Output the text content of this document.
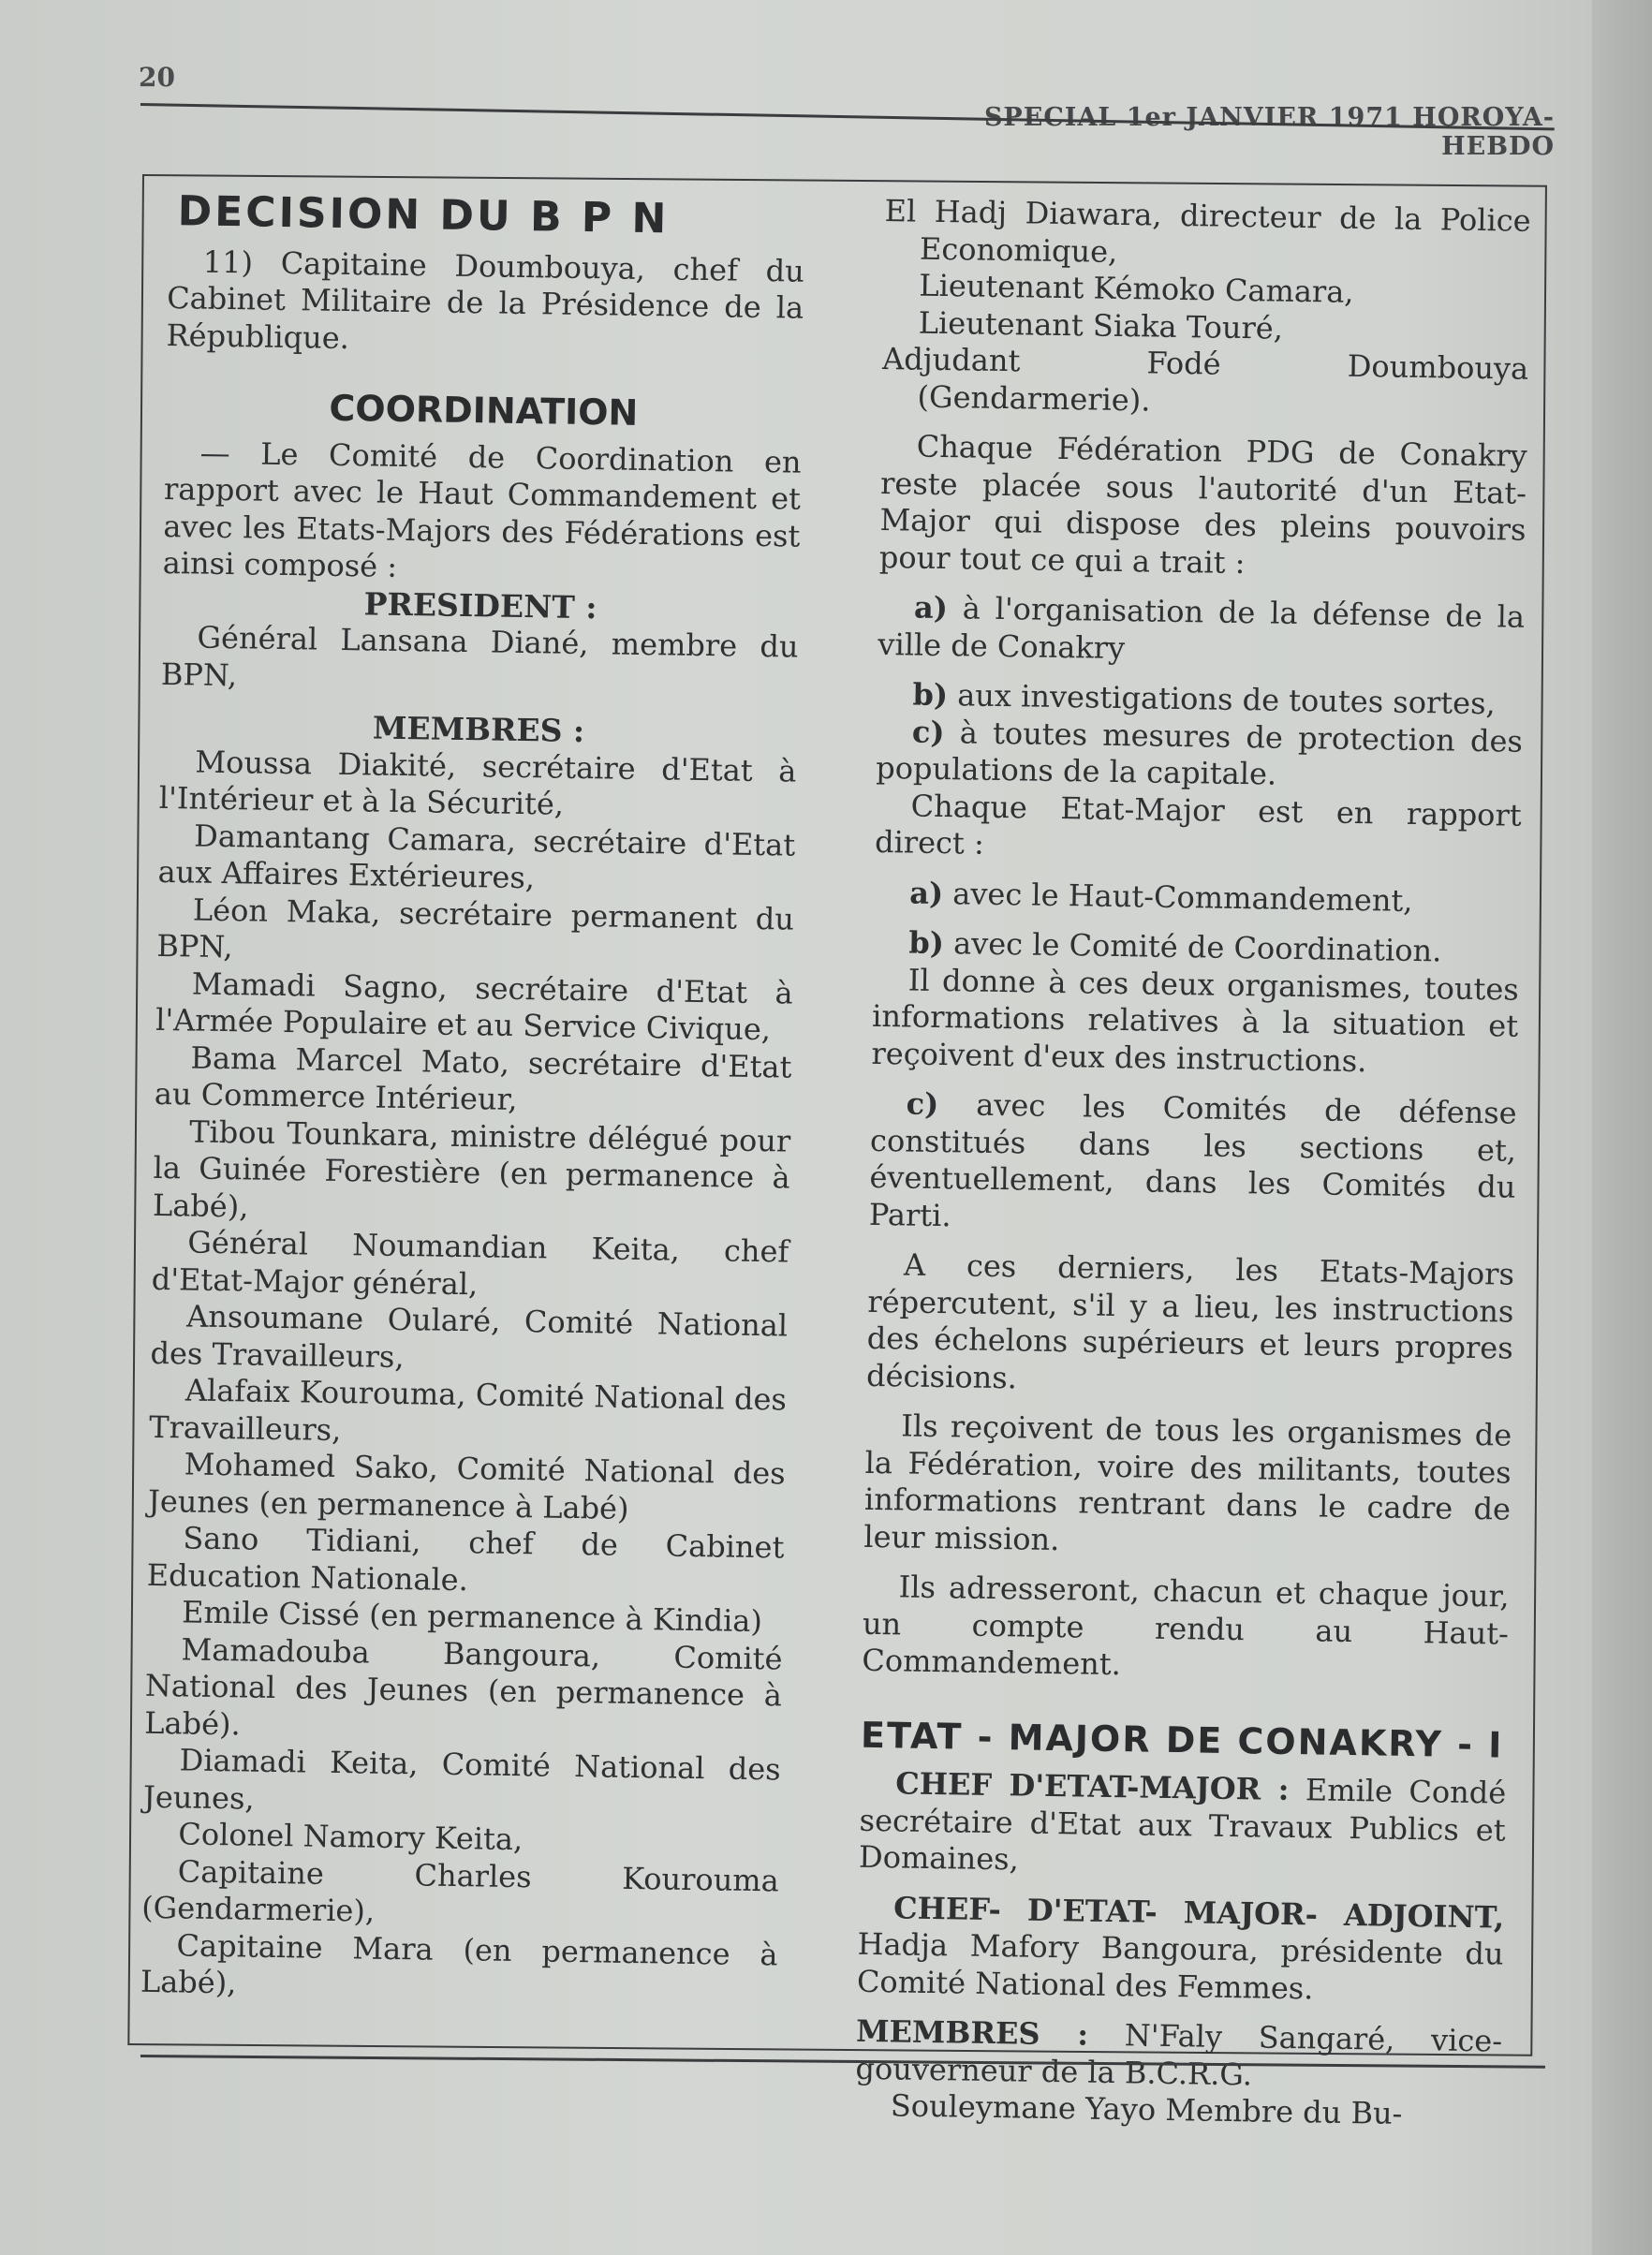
20
SPECIAL 1er JANVIER 1971 HOROYA-HEBDO
DECISION DU B P N

11) Capitaine Doumbouya, chef du Cabinet Militaire de la Présidence de la République.

COORDINATION

— Le Comité de Coordination en rapport avec le Haut Commandement et avec les Etats-Majors des Fédérations est ainsi composé :

PRESIDENT :

Général Lansana Diané, membre du BPN,

MEMBRES :

Moussa Diakité, secrétaire d'Etat à l'Intérieur et à la Sécurité,

Damantang Camara, secrétaire d'Etat aux Affaires Extérieures,

Léon Maka, secrétaire permanent du BPN,

Mamadi Sagno, secrétaire d'Etat à l'Armée Populaire et au Service Civique,

Bama Marcel Mato, secrétaire d'Etat au Commerce Intérieur,

Tibou Tounkara, ministre délégué pour la Guinée Forestière (en permanence à Labé),

Général Noumandian Keita, chef d'Etat-Major général,

Ansoumane Oularé, Comité National des Travailleurs,

Alafaix Kourouma, Comité National des Travailleurs,

Mohamed Sako, Comité National des Jeunes (en permanence à Labé)

Sano Tidiani, chef de Cabinet Education Nationale.

Emile Cissé (en permanence à Kindia)

Mamadouba Bangoura, Comité National des Jeunes (en permanence à Labé).

Diamadi Keita, Comité National des Jeunes,

Colonel Namory Keita,

Capitaine Charles Kourouma (Gendarmerie),

Capitaine Mara (en permanence à Labé),

El Hadj Diawara, directeur de la Police Economique,

Lieutenant Kémoko Camara,

Lieutenant Siaka Touré,

Adjudant Fodé Doumbouya (Gendarmerie).

Chaque Fédération PDG de Conakry reste placée sous l'autorité d'un Etat-Major qui dispose des pleins pouvoirs pour tout ce qui a trait :

a) à l'organisation de la défense de la ville de Conakry

b) aux investigations de toutes sortes,

c) à toutes mesures de protection des populations de la capitale.

Chaque Etat-Major est en rapport direct :

a) avec le Haut-Commandement,

b) avec le Comité de Coordination.

Il donne à ces deux organismes, toutes informations relatives à la situation et reçoivent d'eux des instructions.

c) avec les Comités de défense constitués dans les sections et, éventuellement, dans les Comités du Parti.

A ces derniers, les Etats-Majors répercutent, s'il y a lieu, les instructions des échelons supérieurs et leurs propres décisions.

Ils reçoivent de tous les organismes de la Fédération, voire des militants, toutes informations rentrant dans le cadre de leur mission.

Ils adresseront, chacun et chaque jour, un compte rendu au Haut-Commandement.

ETAT - MAJOR DE CONAKRY - I

CHEF D'ETAT-MAJOR : Emile Condé secrétaire d'Etat aux Travaux Publics et Domaines,

CHEF- D'ETAT- MAJOR- ADJOINT, Hadja Mafory Bangoura, présidente du Comité National des Femmes.

MEMBRES : N'Faly Sangaré, vice-gouverneur de la B.C.R.G.

Souleymane Yayo Membre du Bu-
